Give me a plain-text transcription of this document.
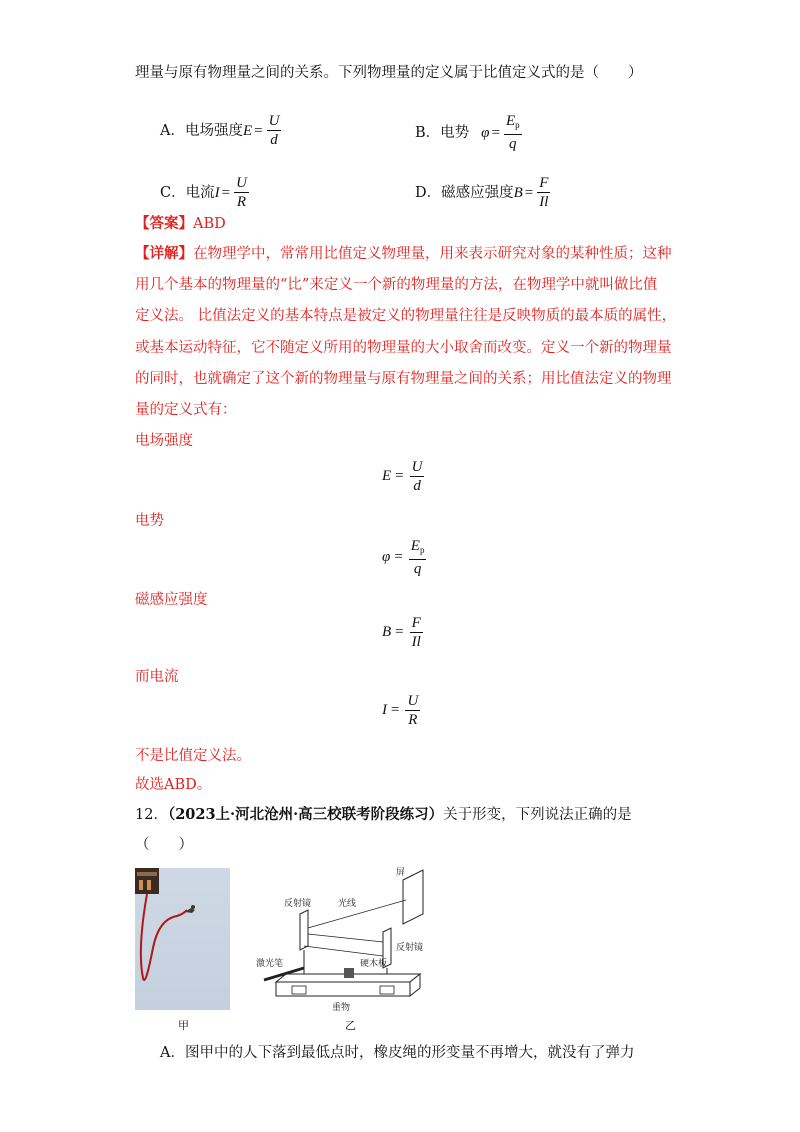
理量与原有物理量之间的关系。下列物理量的定义属于比值定义式的是（　　）
A．电场强度 $E = \frac{U}{d}$	B．电势 $\varphi = \frac{E_p}{q}$
C．电流 $I = \frac{U}{R}$	D．磁感应强度 $B = \frac{F}{Il}$
【答案】ABD
【详解】在物理学中，常常用比值定义物理量，用来表示研究对象的某种性质；这种
用几个基本的物理量的“比”来定义一个新的物理量的方法，在物理学中就叫做比值
定义法。 比值法定义的基本特点是被定义的物理量往往是反映物质的最本质的属性，
或基本运动特征，它不随定义所用的物理量的大小取舍而改变。定义一个新的物理量
的同时，也就确定了这个新的物理量与原有物理量之间的关系；用比值法定义的物理
量的定义式有：
电场强度
$E = \frac{U}{d}$
电势
$\varphi = \frac{E_p}{q}$
磁感应强度
$B = \frac{F}{Il}$
而电流
$I = \frac{U}{R}$
不是比值定义法。
故选ABD。
12．（2023上·河北沧州·高三校联考阶段练习）关于形变，下列说法正确的是
（　　）
甲
屏
反射镜	光线
反射镜
激光笔	硬木板
重物
乙
A．图甲中的人下落到最低点时，橡皮绳的形变量不再增大，就没有了弹力
